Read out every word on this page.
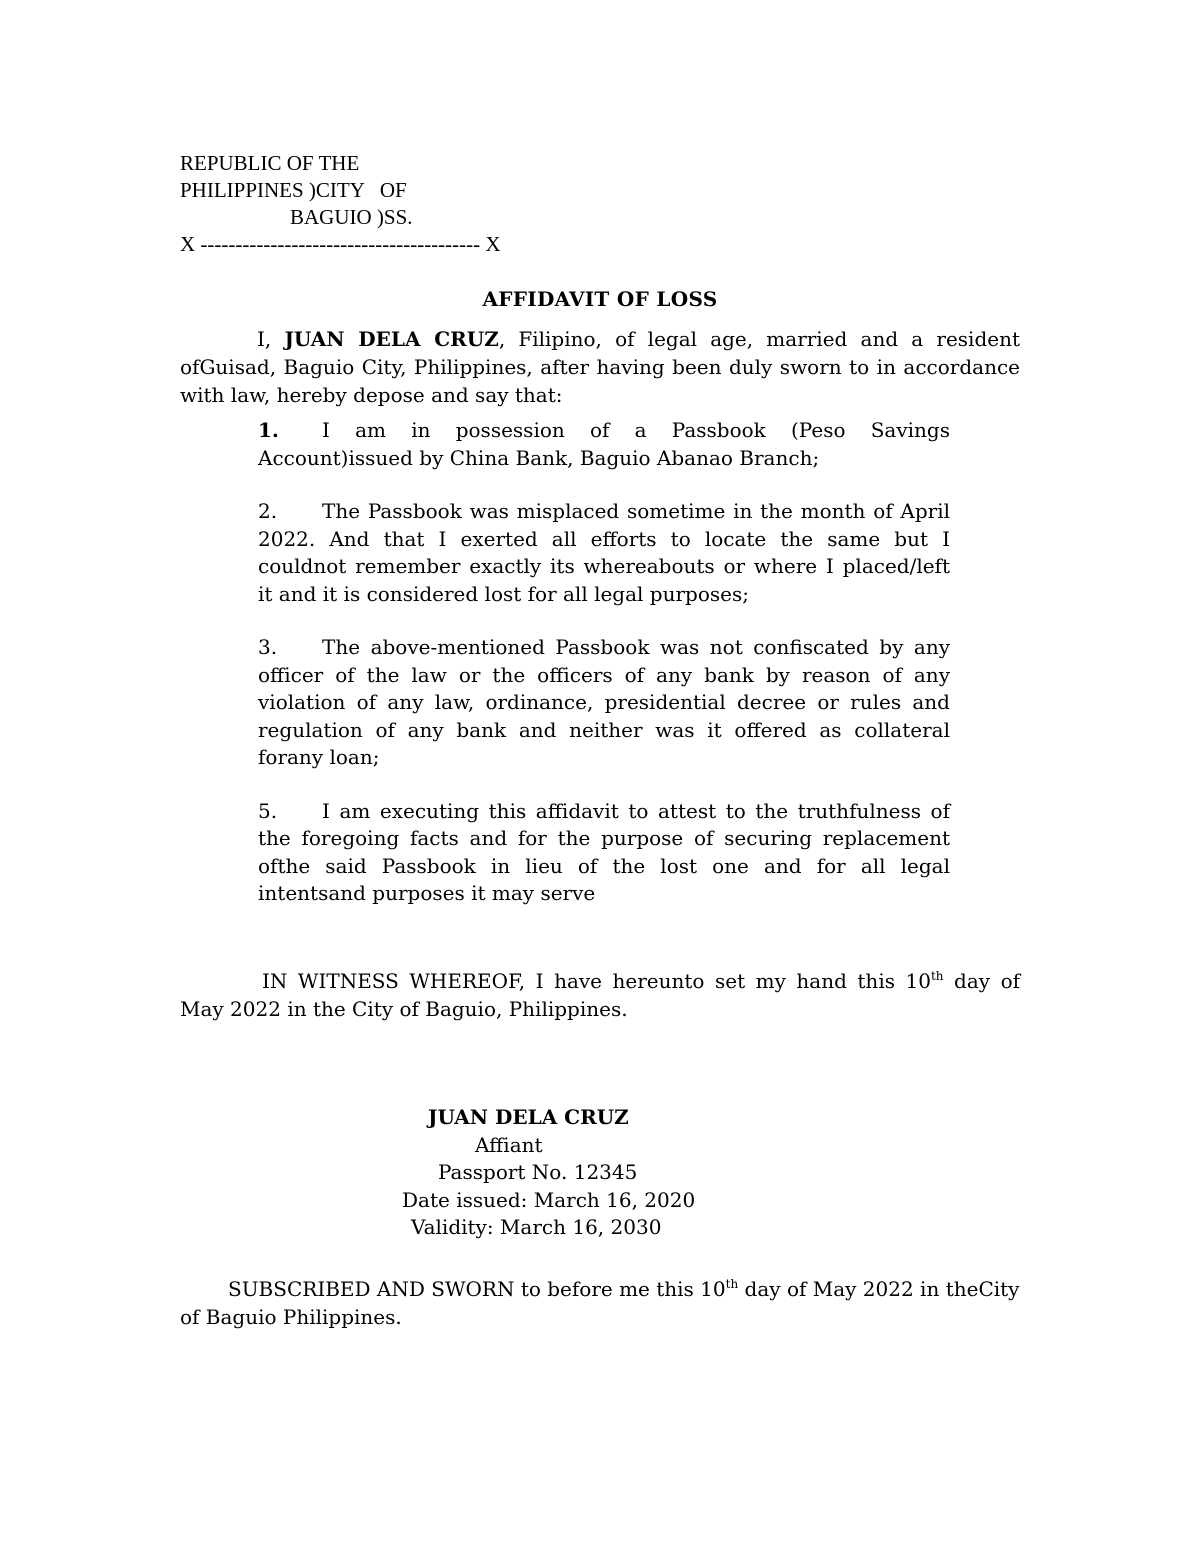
REPUBLIC OF THE
PHILIPPINES )CITY   OF
BAGUIO )SS.
X ---------------------------------------- X
AFFIDAVIT OF LOSS
I, JUAN DELA CRUZ, Filipino, of legal age, married and a resident ofGuisad, Baguio City, Philippines, after having been duly sworn to in accordance with law, hereby depose and say that:
1. I am in possession of a Passbook (Peso Savings Account)issued by China Bank, Baguio Abanao Branch;
2. The Passbook was misplaced sometime in the month of April 2022. And that I exerted all efforts to locate the same but I couldnot remember exactly its whereabouts or where I placed/left it and it is considered lost for all legal purposes;
3. The above-mentioned Passbook was not confiscated by any officer of the law or the officers of any bank by reason of any violation of any law, ordinance, presidential decree or rules and regulation of any bank and neither was it offered as collateral forany loan;
5. I am executing this affidavit to attest to the truthfulness of the foregoing facts and for the purpose of securing replacement ofthe said Passbook in lieu of the lost one and for all legal intentsand purposes it may serve
IN WITNESS WHEREOF, I have hereunto set my hand this 10th day of May 2022 in the City of Baguio, Philippines.
JUAN DELA CRUZ
Affiant
Passport No. 12345
Date issued: March 16, 2020
Validity: March 16, 2030
SUBSCRIBED AND SWORN to before me this 10th day of May 2022 in theCity of Baguio Philippines.
